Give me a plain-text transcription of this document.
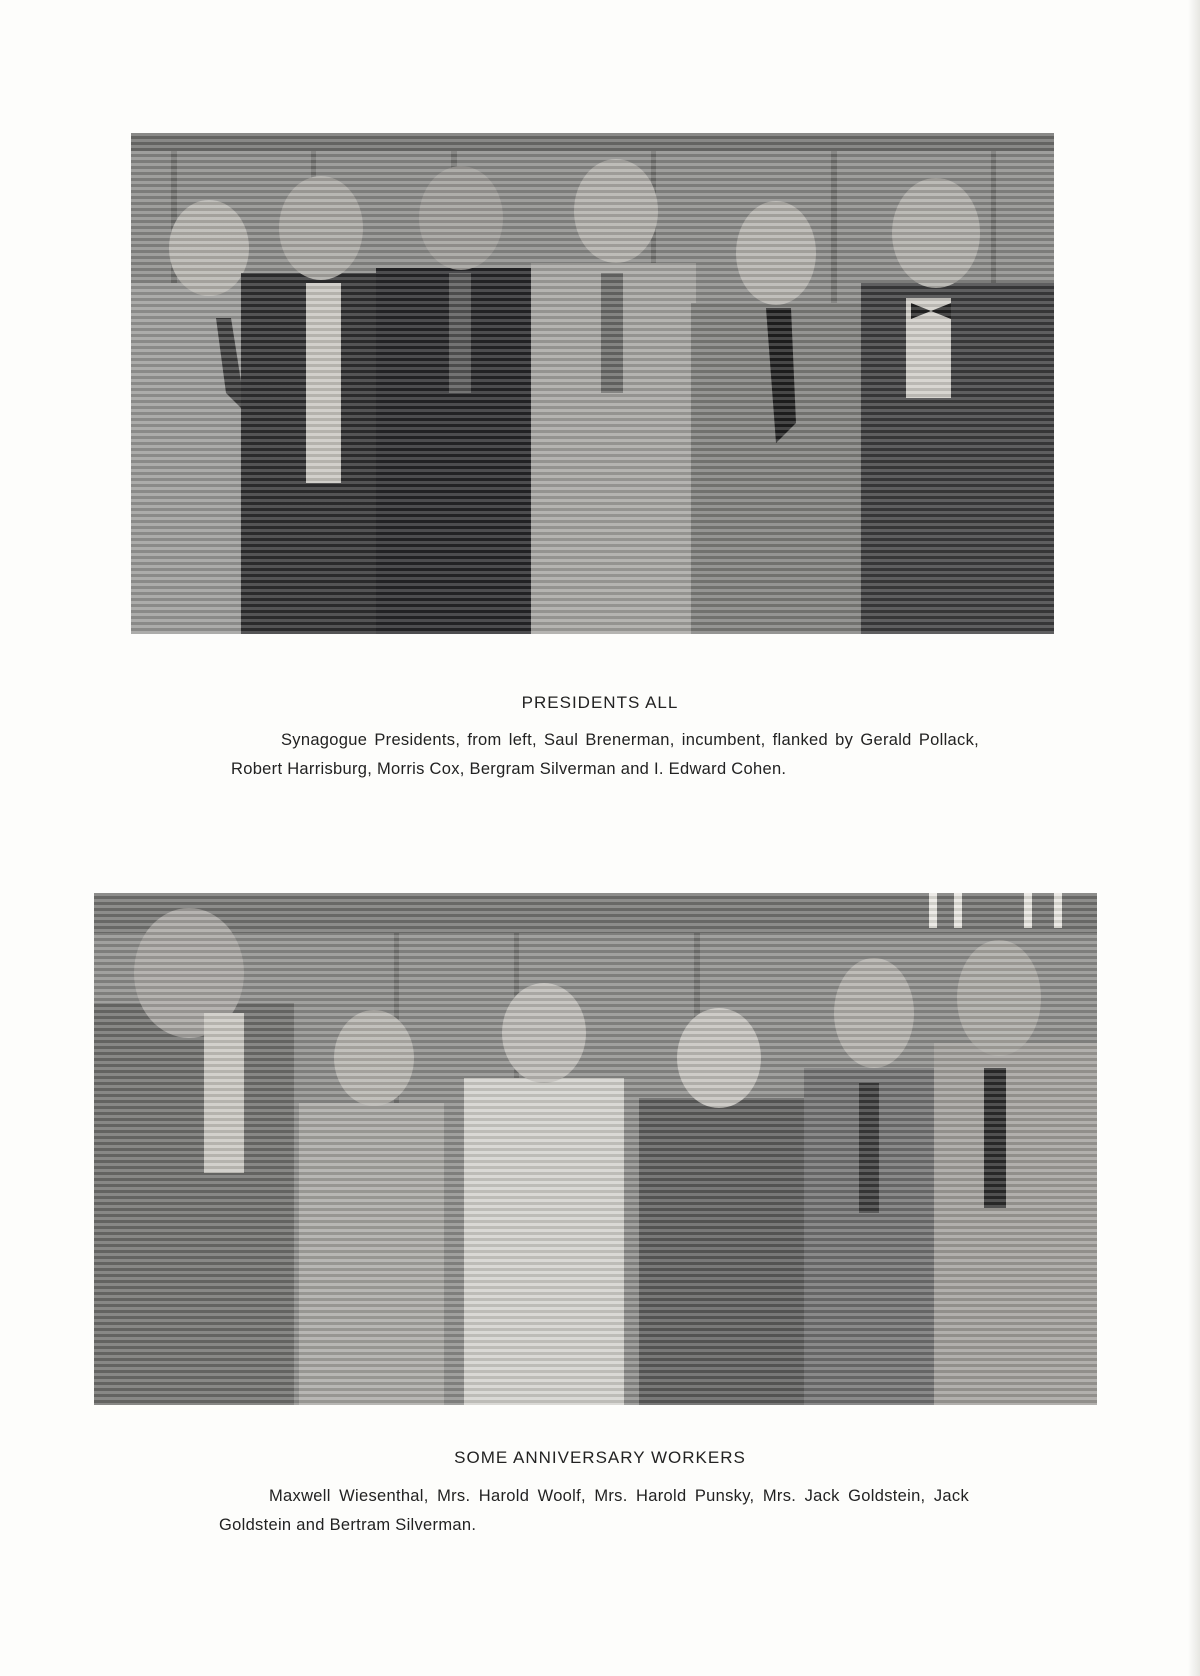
PRESIDENTS ALL
Synagogue Presidents, from left, Saul Brenerman, incumbent, flanked by Gerald Pollack, Robert Harrisburg, Morris Cox, Bergram Silverman and I. Edward Cohen.
SOME ANNIVERSARY WORKERS
Maxwell Wiesenthal, Mrs. Harold Woolf, Mrs. Harold Punsky, Mrs. Jack Goldstein, Jack Goldstein and Bertram Silverman.
